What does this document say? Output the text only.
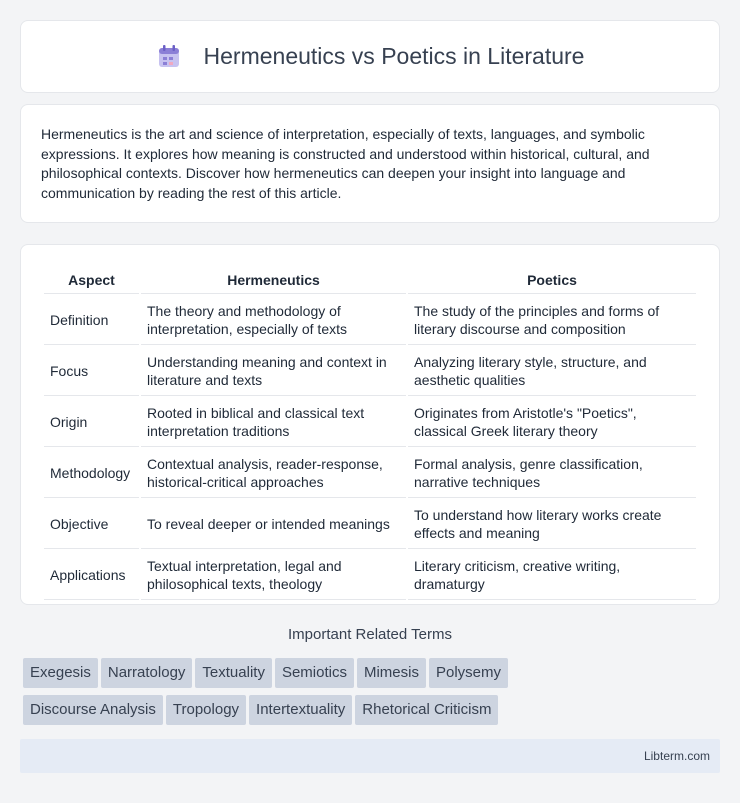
Hermeneutics vs Poetics in Literature

Hermeneutics is the art and science of interpretation, especially of texts, languages, and symbolic expressions. It explores how meaning is constructed and understood within historical, cultural, and philosophical contexts. Discover how hermeneutics can deepen your insight into language and communication by reading the rest of this article.

Aspect	Hermeneutics	Poetics
Definition	The theory and methodology of interpretation, especially of texts	The study of the principles and forms of literary discourse and composition
Focus	Understanding meaning and context in literature and texts	Analyzing literary style, structure, and aesthetic qualities
Origin	Rooted in biblical and classical text interpretation traditions	Originates from Aristotle's "Poetics", classical Greek literary theory
Methodology	Contextual analysis, reader-response, historical-critical approaches	Formal analysis, genre classification, narrative techniques
Objective	To reveal deeper or intended meanings	To understand how literary works create effects and meaning
Applications	Textual interpretation, legal and philosophical texts, theology	Literary criticism, creative writing, dramaturgy
Important Related Terms
Exegesis Narratology Textuality Semiotics Mimesis Polysemy
Discourse Analysis Tropology Intertextuality Rhetorical Criticism
Libterm.com
